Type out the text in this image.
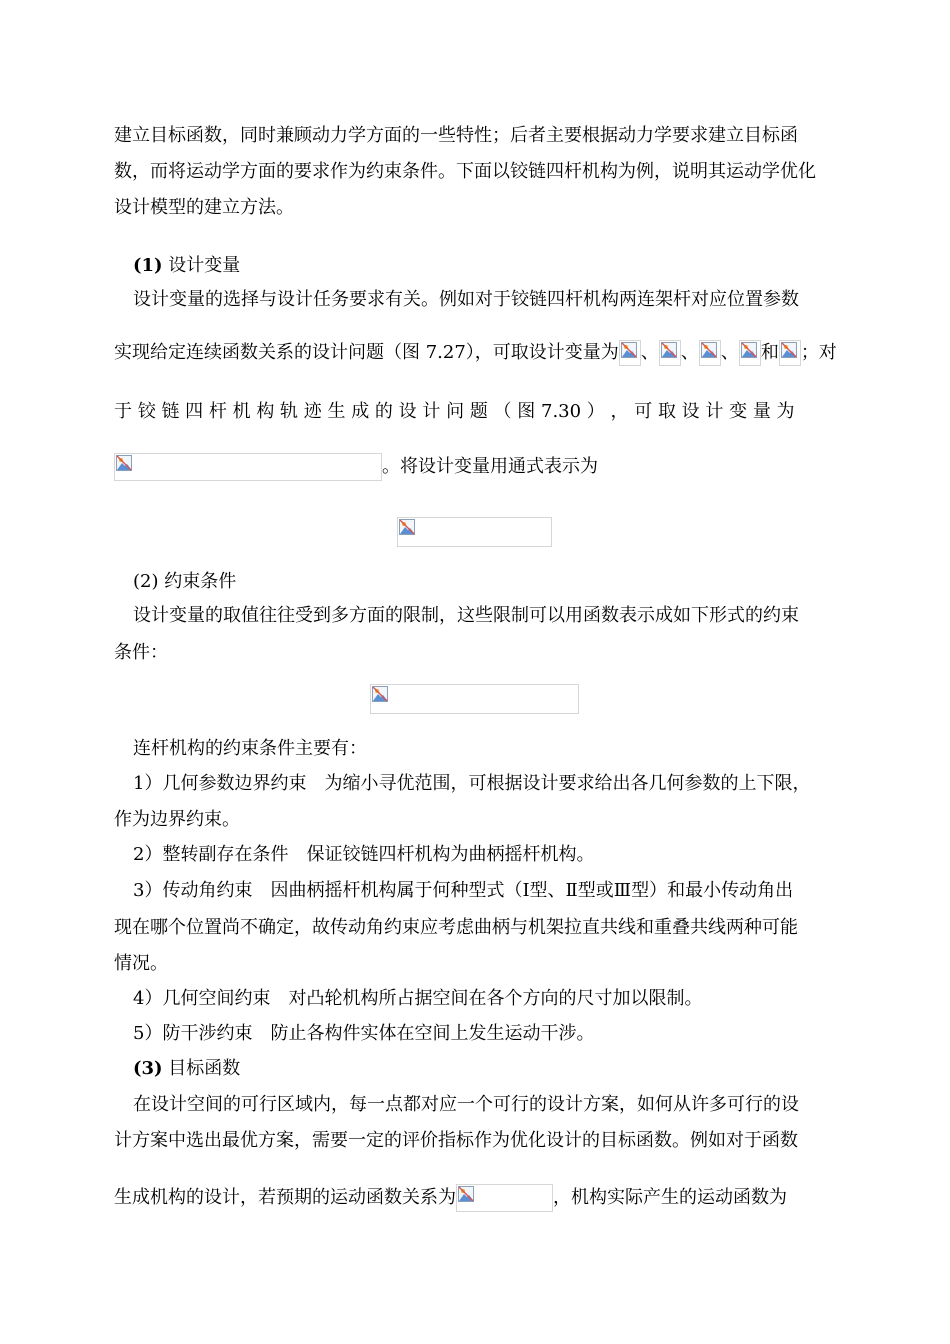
建立目标函数，同时兼顾动力学方面的一些特性；后者主要根据动力学要求建立目标函
数，而将运动学方面的要求作为约束条件。下面以铰链四杆机构为例，说明其运动学优化
设计模型的建立方法。
(1) 设计变量
设计变量的选择与设计任务要求有关。例如对于铰链四杆机构两连架杆对应位置参数
实现给定连续函数关系的设计问题（图 7.27），可取设计变量为 、 、 、 和 ；对
于 铰 链 四 杆 机 构 轨 迹 生 成 的 设 计 问 题 （ 图 7.30 ） ， 可 取 设 计 变 量 为
。将设计变量用通式表示为
(2) 约束条件
设计变量的取值往往受到多方面的限制，这些限制可以用函数表示成如下形式的约束
条件：
连杆机构的约束条件主要有：
1）几何参数边界约束　为缩小寻优范围，可根据设计要求给出各几何参数的上下限，
作为边界约束。
2）整转副存在条件　保证铰链四杆机构为曲柄摇杆机构。
3）传动角约束　因曲柄摇杆机构属于何种型式（Ⅰ型、Ⅱ型或Ⅲ型）和最小传动角出
现在哪个位置尚不确定，故传动角约束应考虑曲柄与机架拉直共线和重叠共线两种可能
情况。
4）几何空间约束　对凸轮机构所占据空间在各个方向的尺寸加以限制。
5）防干涉约束　防止各构件实体在空间上发生运动干涉。
(3) 目标函数
在设计空间的可行区域内，每一点都对应一个可行的设计方案，如何从许多可行的设
计方案中选出最优方案，需要一定的评价指标作为优化设计的目标函数。例如对于函数
生成机构的设计，若预期的运动函数关系为	，机构实际产生的运动函数为
